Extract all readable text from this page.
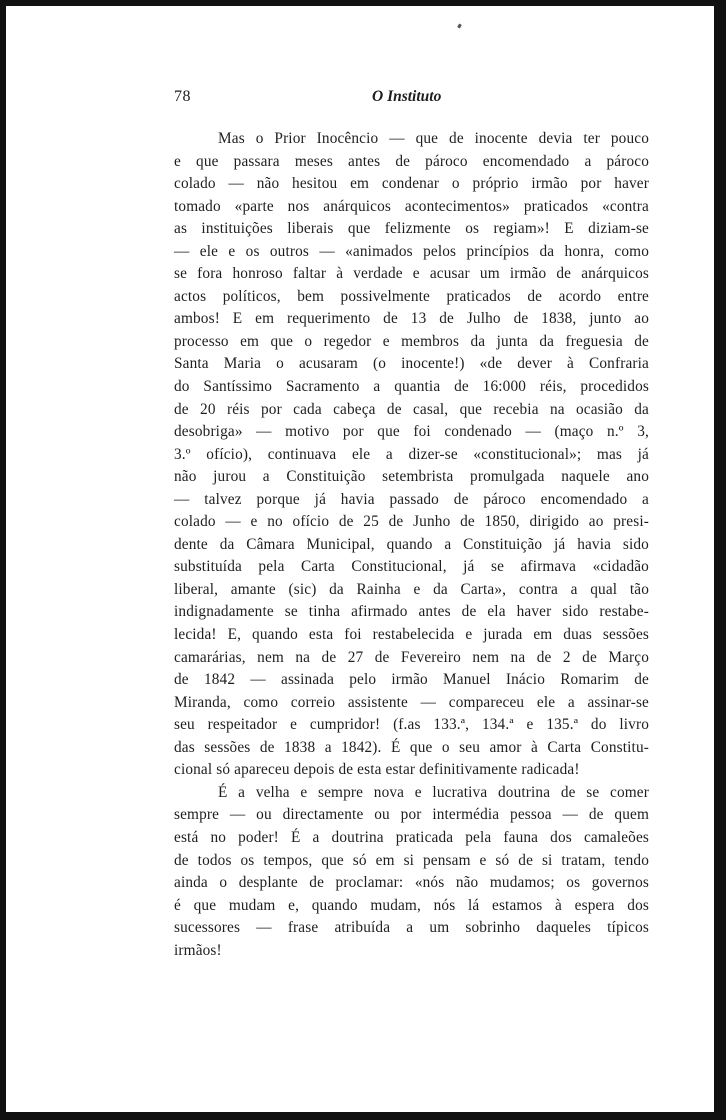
78	O Instituto
Mas o Prior Inocêncio — que de inocente devia ter pouco
e que passara meses antes de pároco encomendado a pároco
colado — não hesitou em condenar o próprio irmão por haver
tomado «parte nos anárquicos acontecimentos» praticados «contra
as instituições liberais que felizmente os regiam»! E diziam-se
— ele e os outros — «animados pelos princípios da honra, como
se fora honroso faltar à verdade e acusar um irmão de anárquicos
actos políticos, bem possivelmente praticados de acordo entre
ambos! E em requerimento de 13 de Julho de 1838, junto ao
processo em que o regedor e membros da junta da freguesia de
Santa Maria o acusaram (o inocente!) «de dever à Confraria
do Santíssimo Sacramento a quantia de 16:000 réis, procedidos
de 20 réis por cada cabeça de casal, que recebia na ocasião da
desobriga» — motivo por que foi condenado — (maço n.º 3,
3.º ofício), continuava ele a dizer-se «constitucional»; mas já
não jurou a Constituição setembrista promulgada naquele ano
— talvez porque já havia passado de pároco encomendado a
colado — e no ofício de 25 de Junho de 1850, dirigido ao presi-
dente da Câmara Municipal, quando a Constituição já havia sido
substituída pela Carta Constitucional, já se afirmava «cidadão
liberal, amante (sic) da Rainha e da Carta», contra a qual tão
indignadamente se tinha afirmado antes de ela haver sido restabe-
lecida! E, quando esta foi restabelecida e jurada em duas sessões
camarárias, nem na de 27 de Fevereiro nem na de 2 de Março
de 1842 — assinada pelo irmão Manuel Inácio Romarim de
Miranda, como correio assistente — compareceu ele a assinar-se
seu respeitador e cumpridor! (f.as 133.ª, 134.ª e 135.ª do livro
das sessões de 1838 a 1842). É que o seu amor à Carta Constitu-
cional só apareceu depois de esta estar definitivamente radicada!
É a velha e sempre nova e lucrativa doutrina de se comer
sempre — ou directamente ou por intermédia pessoa — de quem
está no poder! É a doutrina praticada pela fauna dos camaleões
de todos os tempos, que só em si pensam e só de si tratam, tendo
ainda o desplante de proclamar: «nós não mudamos; os governos
é que mudam e, quando mudam, nós lá estamos à espera dos
sucessores — frase atribuída a um sobrinho daqueles típicos
irmãos!
